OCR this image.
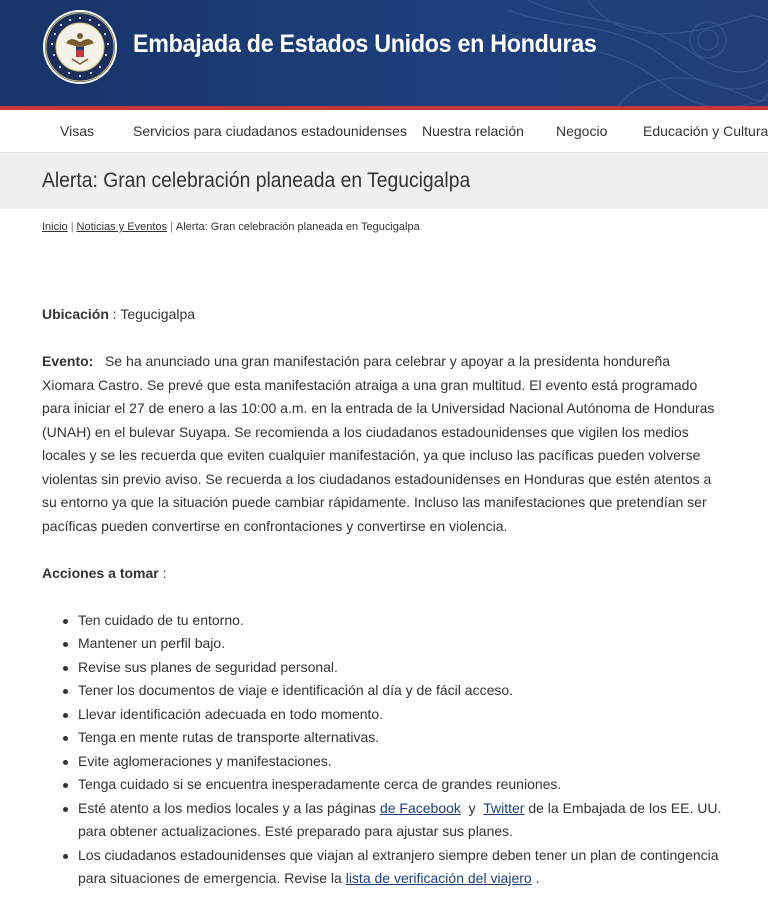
Embajada de Estados Unidos en Honduras
Visas	Servicios para ciudadanos estadounidenses Nuestra relación Negocio	Educación y Cultura
Alerta: Gran celebración planeada en Tegucigalpa
Inicio | Noticias y Eventos | Alerta: Gran celebración planeada en Tegucigalpa

Ubicación : Tegucigalpa

Evento: Se ha anunciado una gran manifestación para celebrar y apoyar a la presidenta hondureña Xiomara Castro. Se prevé que esta manifestación atraiga a una gran multitud. El evento está programado para iniciar el 27 de enero a las 10:00 a.m. en la entrada de la Universidad Nacional Autónoma de Honduras (UNAH) en el bulevar Suyapa. Se recomienda a los ciudadanos estadounidenses que vigilen los medios locales y se les recuerda que eviten cualquier manifestación, ya que incluso las pacíficas pueden volverse violentas sin previo aviso. Se recuerda a los ciudadanos estadounidenses en Honduras que estén atentos a su entorno ya que la situación puede cambiar rápidamente. Incluso las manifestaciones que pretendían ser pacíficas pueden convertirse en confrontaciones y convertirse en violencia.

Acciones a tomar :

Ten cuidado de tu entorno.
Mantener un perfil bajo.
Revise sus planes de seguridad personal.
Tener los documentos de viaje e identificación al día y de fácil acceso.
Llevar identificación adecuada en todo momento.
Tenga en mente rutas de transporte alternativas.
Evite aglomeraciones y manifestaciones.
Tenga cuidado si se encuentra inesperadamente cerca de grandes reuniones.
Esté atento a los medios locales y a las páginas de Facebook  y  Twitter de la Embajada de los EE. UU. para obtener actualizaciones. Esté preparado para ajustar sus planes.
Los ciudadanos estadounidenses que viajan al extranjero siempre deben tener un plan de contingencia para situaciones de emergencia. Revise la lista de verificación del viajero .
